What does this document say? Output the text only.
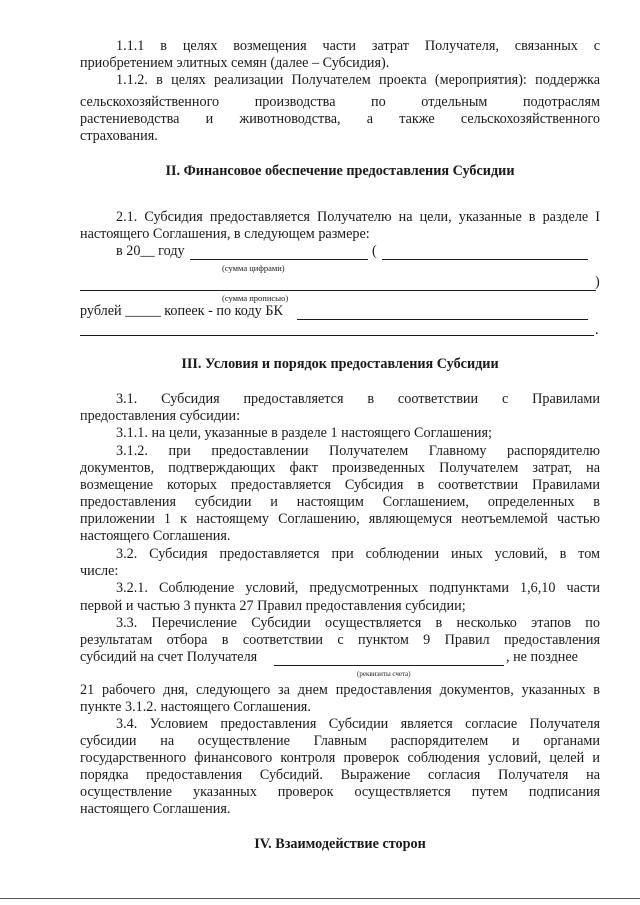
1.1.1 в целях возмещения части затрат Получателя, связанных с
приобретением элитных семян (далее – Субсидия).
1.1.2. в целях реализации Получателем проекта (мероприятия): поддержка
сельскохозяйственного производства по отдельным подотраслям
растениеводства и животноводства, а также сельскохозяйственного
страхования.
II. Финансовое обеспечение предоставления Субсидии
2.1. Субсидия предоставляется Получателю на цели, указанные в разделе I
настоящего Соглашения, в следующем размере:
в 20__ году	(
(сумма цифрами)
)
(сумма прописью)
рублей _____ копеек - по коду БК
.
III. Условия и порядок предоставления Субсидии
3.1. Субсидия предоставляется в соответствии с Правилами
предоставления субсидии:
3.1.1. на цели, указанные в разделе 1 настоящего Соглашения;
3.1.2. при предоставлении Получателем Главному распорядителю
документов, подтверждающих факт произведенных Получателем затрат, на
возмещение которых предоставляется Субсидия в соответствии Правилами
предоставления субсидии и настоящим Соглашением, определенных в
приложении 1 к настоящему Соглашению, являющемуся неотъемлемой частью
настоящего Соглашения.
3.2. Субсидия предоставляется при соблюдении иных условий, в том
числе:
3.2.1. Соблюдение условий, предусмотренных подпунктами 1,6,10 части
первой и частью 3 пункта 27 Правил предоставления субсидии;
3.3. Перечисление Субсидии осуществляется в несколько этапов по
результатам отбора в соответствии с пунктом 9 Правил предоставления
субсидий на счет Получателя	, не позднее
(реквизиты счета)
21 рабочего дня, следующего за днем предоставления документов, указанных в
пункте 3.1.2. настоящего Соглашения.
3.4. Условием предоставления Субсидии является согласие Получателя
субсидии на осуществление Главным распорядителем и органами
государственного финансового контроля проверок соблюдения условий, целей и
порядка предоставления Субсидий. Выражение согласия Получателя на
осуществление указанных проверок осуществляется путем подписания
настоящего Соглашения.
IV. Взаимодействие сторон
